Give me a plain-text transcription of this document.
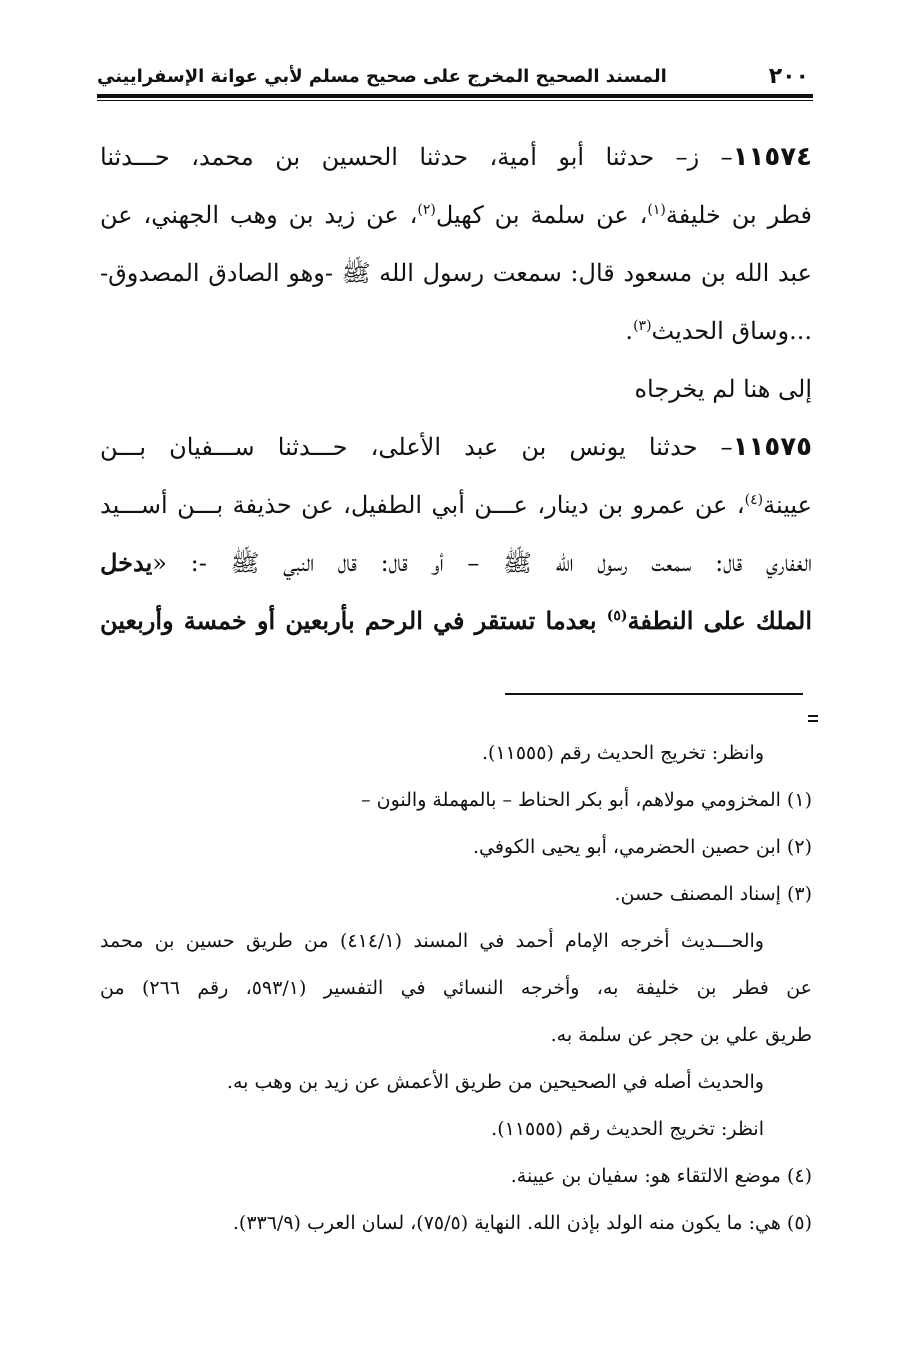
٢٠٠
المسند الصحيح المخرج على صحيح مسلم لأبي عوانة الإسفراييني
١١٥٧٤– ز– حدثنا أبو أمية، حدثنا الحسين بن محمد، حـــدثنا
فطر بن خليفة$^{(١)}$، عن سلمة بن كهيل$^{(٢)}$، عن زيد بن وهب الجهني، عن
عبد الله بن مسعود قال: سمعت رسول الله ﷺ -وهو الصادق المصدوق-
...وساق الحديث$^{(٣)}$.
إلى هنا لم يخرجاه
١١٥٧٥– حدثنا يونس بن عبد الأعلى، حـــدثنا ســـفيان بـــن
عيينة$^{(٤)}$، عن عمرو بن دينار، عـــن أبي الطفيل، عن حذيفة بـــن أســـيد
الغفاري قال: سمعت رسول الله ﷺ – أو قال: قال النبي ﷺ -: «يدخل
الملك على النطفة$^{(٥)}$ بعدما تستقر في الرحم بأربعين أو خمسة وأربعين
وانظر: تخريج الحديث رقم (١١٥٥٥).
(١) المخزومي مولاهم، أبو بكر الحناط – بالمهملة والنون –
(٢) ابن حصين الحضرمي، أبو يحيى الكوفي.
(٣) إسناد المصنف حسن.
والحـــديث أخرجه الإمام أحمد في المسند (٤١٤/١) من طريق حسين بن محمد
عن فطر بن خليفة به، وأخرجه النسائي في التفسير (٥٩٣/١، رقم ٢٦٦) من
طريق علي بن حجر عن سلمة به.
والحديث أصله في الصحيحين من طريق الأعمش عن زيد بن وهب به.
انظر: تخريج الحديث رقم (١١٥٥٥).
(٤) موضع الالتقاء هو: سفيان بن عيينة.
(٥) هي: ما يكون منه الولد بإذن الله. النهاية (٧٥/٥)، لسان العرب (٣٣٦/٩).
